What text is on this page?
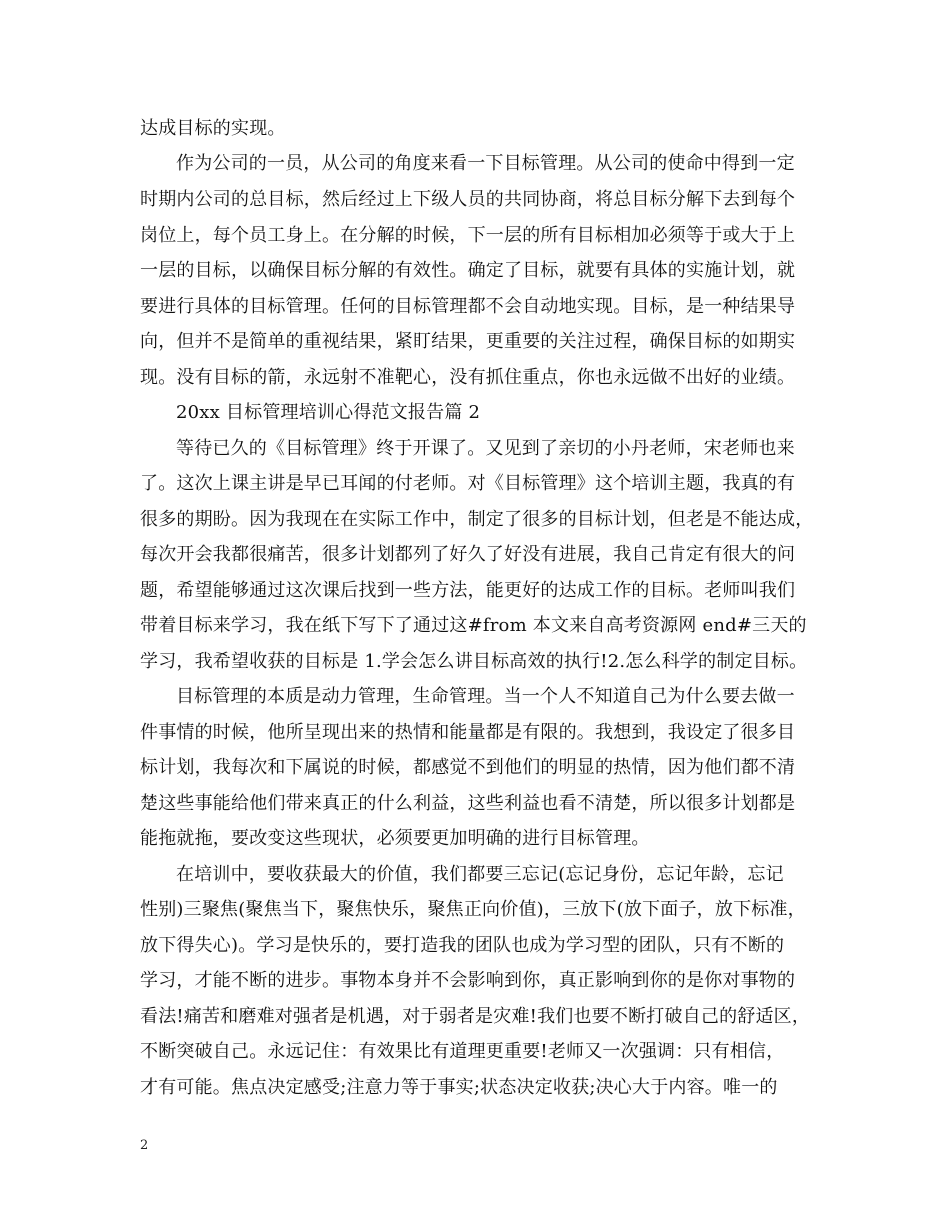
达成目标的实现。
作为公司的一员，从公司的角度来看一下目标管理。从公司的使命中得到一定
时期内公司的总目标，然后经过上下级人员的共同协商，将总目标分解下去到每个
岗位上，每个员工身上。在分解的时候，下一层的所有目标相加必须等于或大于上
一层的目标，以确保目标分解的有效性。确定了目标，就要有具体的实施计划，就
要进行具体的目标管理。任何的目标管理都不会自动地实现。目标，是一种结果导
向，但并不是简单的重视结果，紧盯结果，更重要的关注过程，确保目标的如期实
现。没有目标的箭，永远射不准靶心，没有抓住重点，你也永远做不出好的业绩。
20xx 目标管理培训心得范文报告篇 2
等待已久的《目标管理》终于开课了。又见到了亲切的小丹老师，宋老师也来
了。这次上课主讲是早已耳闻的付老师。对《目标管理》这个培训主题，我真的有
很多的期盼。因为我现在在实际工作中，制定了很多的目标计划，但老是不能达成，
每次开会我都很痛苦，很多计划都列了好久了好没有进展，我自己肯定有很大的问
题，希望能够通过这次课后找到一些方法，能更好的达成工作的目标。老师叫我们
带着目标来学习，我在纸下写下了通过这#from 本文来自高考资源网 end#三天的
学习，我希望收获的目标是 1.学会怎么讲目标高效的执行!2.怎么科学的制定目标。
目标管理的本质是动力管理，生命管理。当一个人不知道自己为什么要去做一
件事情的时候，他所呈现出来的热情和能量都是有限的。我想到，我设定了很多目
标计划，我每次和下属说的时候，都感觉不到他们的明显的热情，因为他们都不清
楚这些事能给他们带来真正的什么利益，这些利益也看不清楚，所以很多计划都是
能拖就拖，要改变这些现状，必须要更加明确的进行目标管理。
在培训中，要收获最大的价值，我们都要三忘记(忘记身份，忘记年龄，忘记
性别)三聚焦(聚焦当下，聚焦快乐，聚焦正向价值)，三放下(放下面子，放下标准，
放下得失心)。学习是快乐的，要打造我的团队也成为学习型的团队，只有不断的
学习，才能不断的进步。事物本身并不会影响到你，真正影响到你的是你对事物的
看法!痛苦和磨难对强者是机遇，对于弱者是灾难!我们也要不断打破自己的舒适区，
不断突破自己。永远记住：有效果比有道理更重要!老师又一次强调：只有相信，
才有可能。焦点决定感受;注意力等于事实;状态决定收获;决心大于内容。唯一的
2
